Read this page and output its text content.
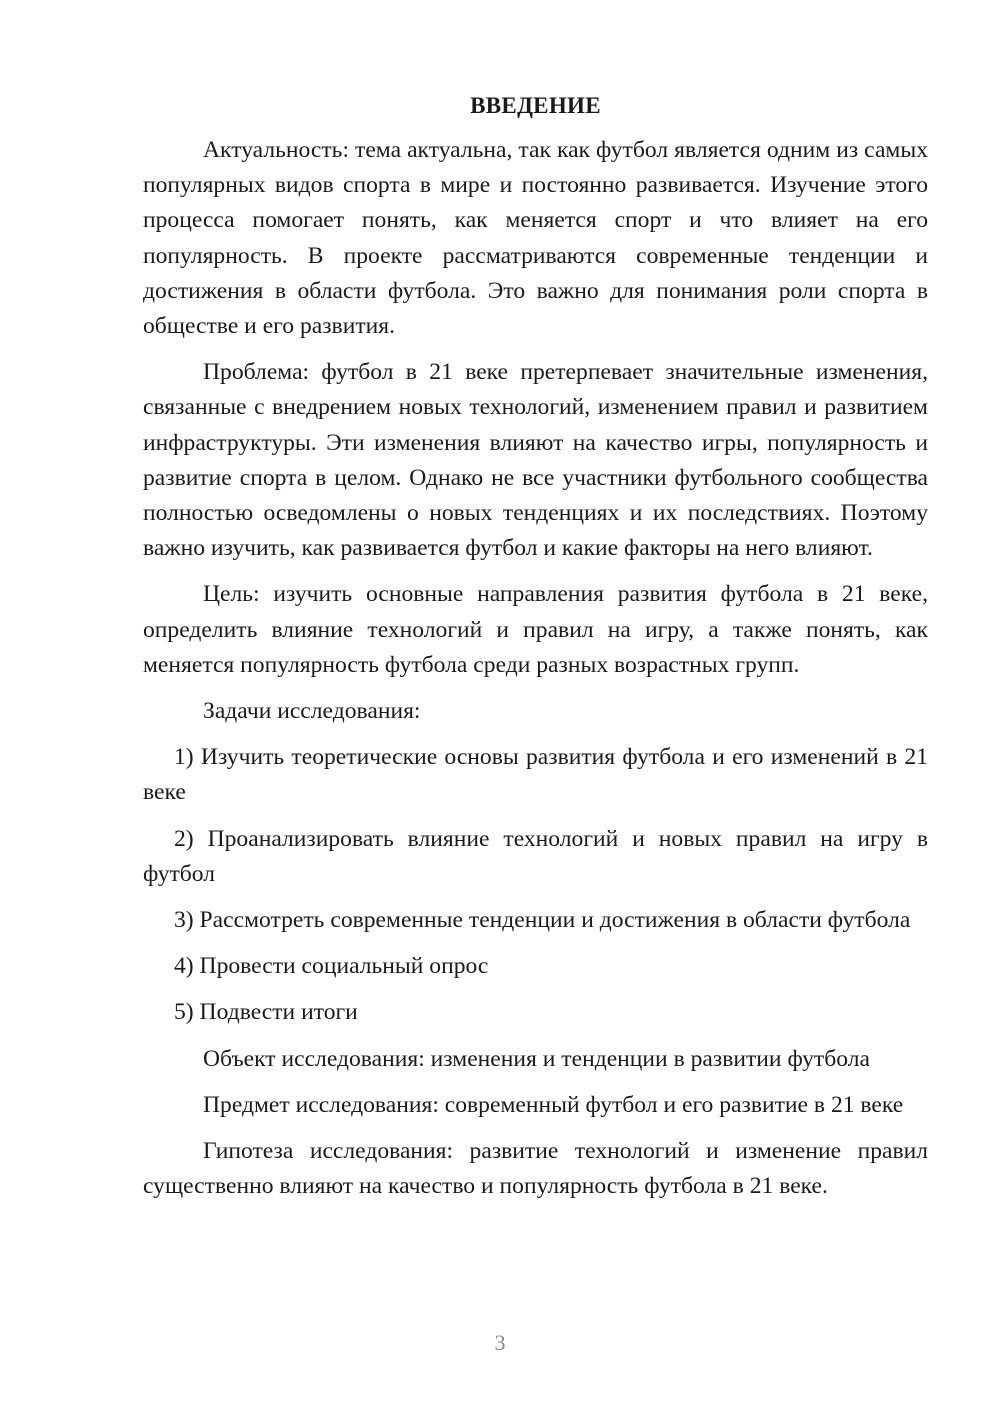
ВВЕДЕНИЕ

Актуальность: тема актуальна, так как футбол является одним из самых популярных видов спорта в мире и постоянно развивается. Изучение этого процесса помогает понять, как меняется спорт и что влияет на его популярность. В проекте рассматриваются современные тенденции и достижения в области футбола. Это важно для понимания роли спорта в обществе и его развития.

Проблема: футбол в 21 веке претерпевает значительные изменения, связанные с внедрением новых технологий, изменением правил и развитием инфраструктуры. Эти изменения влияют на качество игры, популярность и развитие спорта в целом. Однако не все участники футбольного сообщества полностью осведомлены о новых тенденциях и их последствиях. Поэтому важно изучить, как развивается футбол и какие факторы на него влияют.

Цель: изучить основные направления развития футбола в 21 веке, определить влияние технологий и правил на игру, а также понять, как меняется популярность футбола среди разных возрастных групп.

Задачи исследования:

1) Изучить теоретические основы развития футбола и его изменений в 21 веке

2) Проанализировать влияние технологий и новых правил на игру в футбол

3) Рассмотреть современные тенденции и достижения в области футбола

4) Провести социальный опрос

5) Подвести итоги

Объект исследования: изменения и тенденции в развитии футбола

Предмет исследования: современный футбол и его развитие в 21 веке

Гипотеза исследования: развитие технологий и изменение правил существенно влияют на качество и популярность футбола в 21 веке.

3
